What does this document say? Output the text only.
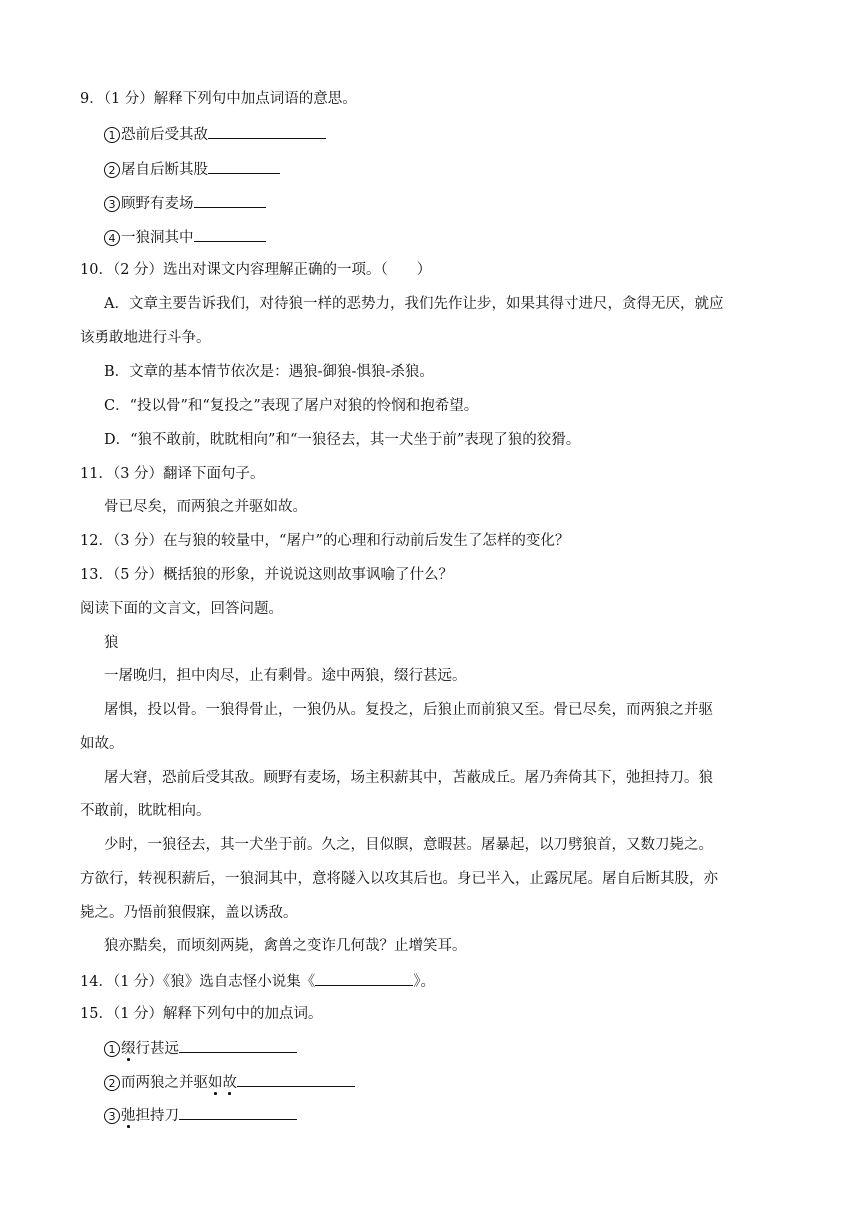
9．（1 分）解释下列句中加点词语的意思。
1 恐前后受其敌
2 屠自后断其股
3 顾野有麦场
4 一狼洞其中
10．（2 分）选出对课文内容理解正确的一项。（　　）
A．文章主要告诉我们，对待狼一样的恶势力，我们先作让步，如果其得寸进尺，贪得无厌，就应
该勇敢地进行斗争。
B．文章的基本情节依次是：遇狼-御狼-惧狼-杀狼。
C．“投以骨”和“复投之”表现了屠户对狼的怜悯和抱希望。
D．“狼不敢前，眈眈相向”和“一狼径去，其一犬坐于前”表现了狼的狡猾。
11．（3 分）翻译下面句子。
骨已尽矣，而两狼之并驱如故。
12．（3 分）在与狼的较量中，“屠户”的心理和行动前后发生了怎样的变化？
13．（5 分）概括狼的形象，并说说这则故事讽喻了什么？
阅读下面的文言文，回答问题。
狼
一屠晚归，担中肉尽，止有剩骨。途中两狼，缀行甚远。
屠惧，投以骨。一狼得骨止，一狼仍从。复投之，后狼止而前狼又至。骨已尽矣，而两狼之并驱
如故。
屠大窘，恐前后受其敌。顾野有麦场，场主积薪其中，苫蔽成丘。屠乃奔倚其下，弛担持刀。狼
不敢前，眈眈相向。
少时，一狼径去，其一犬坐于前。久之，目似瞑，意暇甚。屠暴起，以刀劈狼首，又数刀毙之。
方欲行，转视积薪后，一狼洞其中，意将隧入以攻其后也。身已半入，止露尻尾。屠自后断其股，亦
毙之。乃悟前狼假寐，盖以诱敌。
狼亦黠矣，而顷刻两毙，禽兽之变诈几何哉？止增笑耳。
14．（1 分）《狼》选自志怪小说集《	》。
15．（1 分）解释下列句中的加点词。
1 缀行甚远
2 而两狼之并驱如故
3 弛担持刀
